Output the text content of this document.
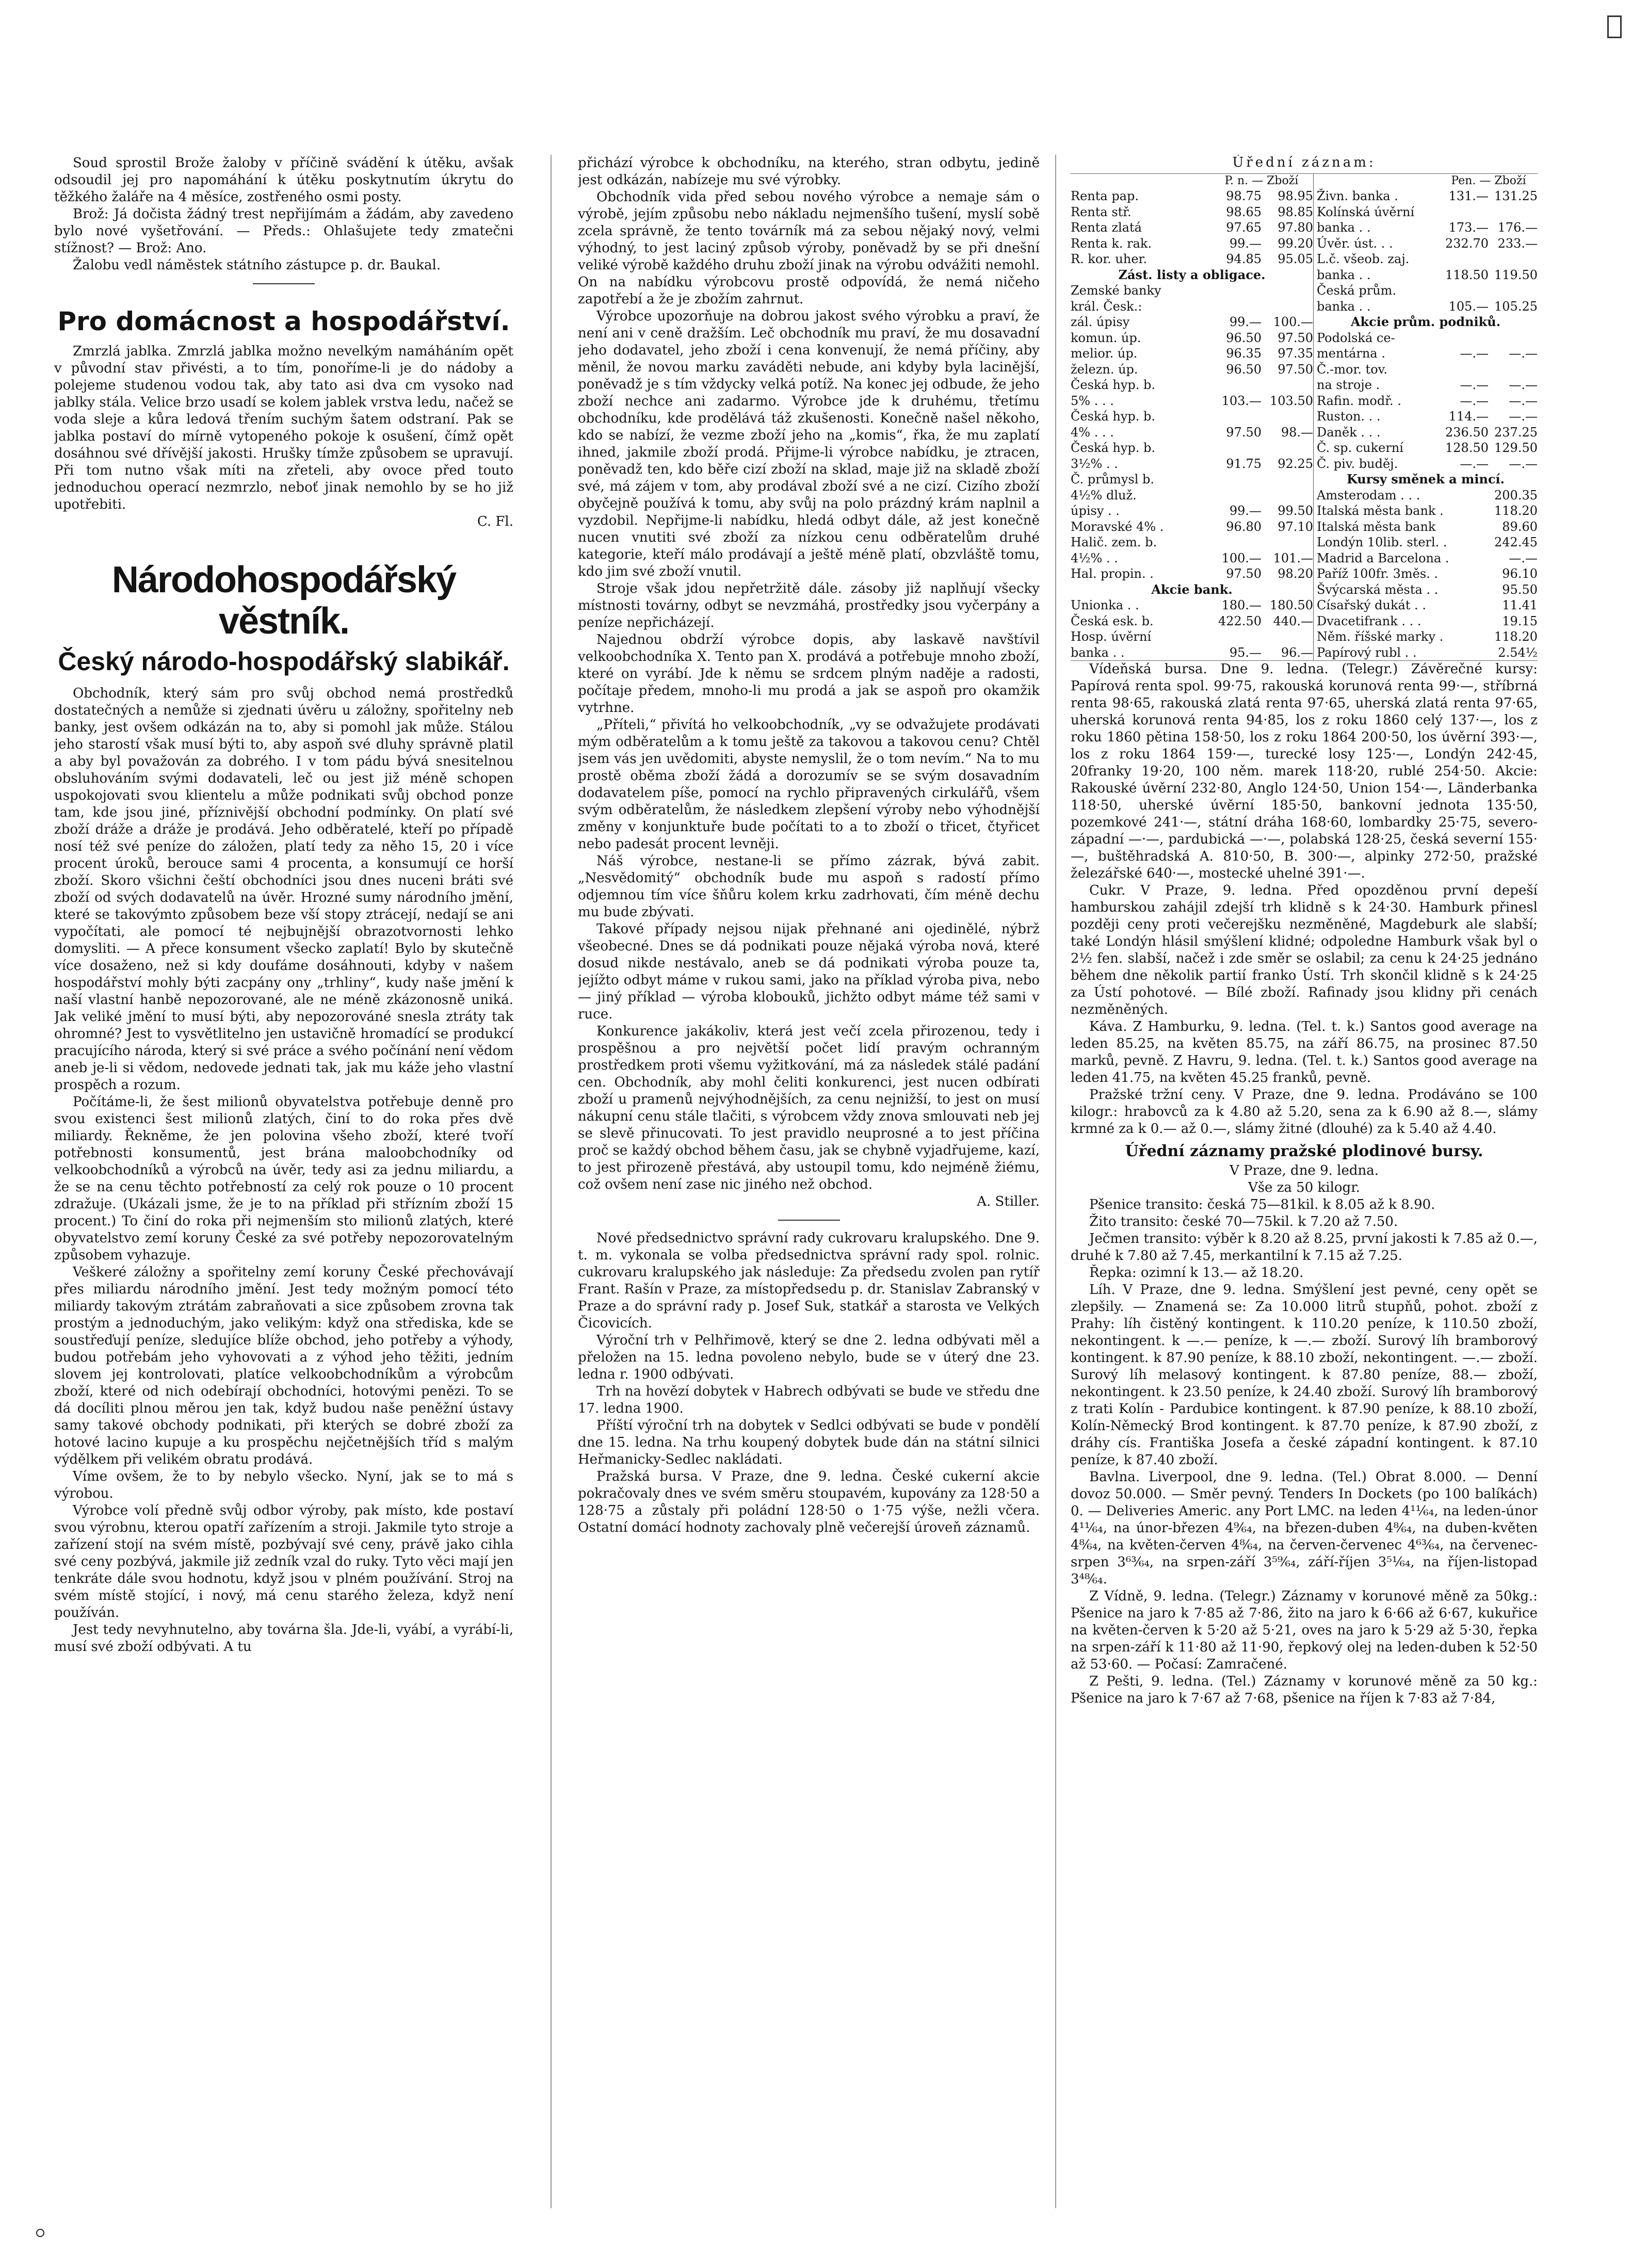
Soud sprostil Brože žaloby v příčině svádění k útěku, avšak odsoudil jej pro napomáhání k útěku poskytnutím úkrytu do těžkého žaláře na 4 měsíce, zostřeného osmi posty.

Brož: Já dočista žádný trest nepřijímám a žádám, aby zavedeno bylo nové vyšetřování. — Předs.: Ohlašujete tedy zmatečni stížnost? — Brož: Ano.

Žalobu vedl náměstek státního zástupce p. dr. Baukal.

Pro domácnost a hospodářství.

Zmrzlá jablka. Zmrzlá jablka možno nevelkým namáháním opět v původní stav přivésti, a to tím, ponoříme-li je do nádoby a polejeme studenou vodou tak, aby tato asi dva cm vysoko nad jablky stála. Velice brzo usadí se kolem jablek vrstva ledu, načež se voda sleje a kůra ledová třením suchým šatem odstraní. Pak se jablka postaví do mírně vytopeného pokoje k osušení, čímž opět dosáhnou své dřívější jakosti. Hrušky tímže způsobem se upravují. Při tom nutno však míti na zřeteli, aby ovoce před touto jednoduchou operací nezmrzlo, neboť jinak nemohlo by se ho již upotřebiti.

C. Fl.
Národohospodářský věstník.
Český národo-hospodářský slabikář.

Obchodník, který sám pro svůj obchod nemá prostředků dostatečných a nemůže si zjednati úvěru u záložny, spořitelny neb banky, jest ovšem odkázán na to, aby si pomohl jak může. Stálou jeho starostí však musí býti to, aby aspoň své dluhy správně platil a aby byl považován za dobrého. I v tom pádu bývá snesitelnou obsluhováním svými dodavateli, leč ou jest již méně schopen uspokojovati svou klientelu a může podnikati svůj obchod ponze tam, kde jsou jiné, příznivější obchodní podmínky. On platí své zboží dráže a dráže je prodává. Jeho odběratelé, kteří po případě nosí též své peníze do záložen, platí tedy za něho 15, 20 i více procent úroků, berouce sami 4 procenta, a konsumují ce horší zboží. Skoro všichni čeští obchodníci jsou dnes nuceni bráti své zboží od svých dodavatelů na úvěr. Hrozné sumy národního jmění, které se takovýmto způsobem beze vší stopy ztrácejí, nedají se ani vypočítati, ale pomocí té nejbujnější obrazotvornosti lehko domysliti. — A přece konsument všecko zaplatí! Bylo by skutečně více dosaženo, než si kdy doufáme dosáhnouti, kdyby v našem hospodářství mohly býti zacpány ony „trhliny“, kudy naše jmění k naší vlastní hanbě nepozorované, ale ne méně zkázonosně uniká. Jak veliké jmění to musí býti, aby nepozorováné snesla ztráty tak ohromné? Jest to vysvětlitelno jen ustavičně hromadící se produkcí pracujícího národa, který si své práce a svého počínání není vědom aneb je-li si vědom, nedovede jednati tak, jak mu káže jeho vlastní prospěch a rozum.

Počítáme-li, že šest milionů obyvatelstva potřebuje denně pro svou existenci šest milionů zlatých, činí to do roka přes dvě miliardy. Řekněme, že jen polovina všeho zboží, které tvoří potřebnosti konsumentů, jest brána maloobchodníky od velkoobchodníků a výrobců na úvěr, tedy asi za jednu miliardu, a že se na cenu těchto potřebností za celý rok pouze o 10 procent zdražuje. (Ukázali jsme, že je to na příklad při střízním zboží 15 procent.) To činí do roka při nejmenším sto milionů zlatých, které obyvatelstvo zemí koruny České za své potřeby nepozorovatelným způsobem vyhazuje.

Veškeré záložny a spořitelny zemí koruny České přechovávají přes miliardu národního jmění. Jest tedy možným pomocí této miliardy takovým ztrátám zabraňovati a sice způsobem zrovna tak prostým a jednoduchým, jako velikým: když ona střediska, kde se soustřeďují peníze, sledujíce blíže obchod, jeho potřeby a výhody, budou potřebám jeho vyhovovati a z výhod jeho těžiti, jedním slovem jej kontrolovati, platíce velkoobchodníkům a výrobcům zboží, které od nich odebírají obchodníci, hotovými penězi. To se dá docíliti plnou měrou jen tak, když budou naše peněžní ústavy samy takové obchody podnikati, při kterých se dobré zboží za hotové lacino kupuje a ku prospěchu nejčetnějších tříd s malým výdělkem při velikém obratu prodává.

Víme ovšem, že to by nebylo všecko. Nyní, jak se to má s výrobou.

Výrobce volí předně svůj odbor výroby, pak místo, kde postaví svou výrobnu, kterou opatří zařízením a stroji. Jakmile tyto stroje a zařízení stojí na svém místě, pozbývají své ceny, právě jako cihla své ceny pozbývá, jakmile již zedník vzal do ruky. Tyto věci mají jen tenkráte dále svou hodnotu, když jsou v plném používání. Stroj na svém místě stojící, i nový, má cenu starého železa, když není používán.

Jest tedy nevyhnutelno, aby továrna šla. Jde-li, vyábí, a vyrábí-li, musí své zboží odbývati. A tu

přichází výrobce k obchodníku, na kterého, stran odbytu, jedině jest odkázán, nabízeje mu své výrobky.

Obchodník vida před sebou nového výrobce a nemaje sám o výrobě, jejím způsobu nebo nákladu nejmenšího tušení, myslí sobě zcela správně, že tento továrník má za sebou nějaký nový, velmi výhodný, to jest laciný způsob výroby, poněvadž by se při dnešní veliké výrobě každého druhu zboží jinak na výrobu odvážiti nemohl. On na nabídku výrobcovu prostě odpovídá, že nemá ničeho zapotřebí a že je zbožím zahrnut.

Výrobce upozorňuje na dobrou jakost svého výrobku a praví, že není ani v ceně dražším. Leč obchodník mu praví, že mu dosavadní jeho dodavatel, jeho zboží i cena konvenují, že nemá příčiny, aby měnil, že novou marku zaváděti nebude, ani kdyby byla lacinější, poněvadž je s tím vždycky velká potíž. Na konec jej odbude, že jeho zboží nechce ani zadarmo. Výrobce jde k druhému, třetímu obchodníku, kde prodělává táž zkušenosti. Konečně našel někoho, kdo se nabízí, že vezme zboží jeho na „komis“, řka, že mu zaplatí ihned, jakmile zboží prodá. Přijme-li výrobce nabídku, je ztracen, poněvadž ten, kdo běře cizí zboží na sklad, maje již na skladě zboží své, má zájem v tom, aby prodával zboží své a ne cizí. Cizího zboží obyčejně používá k tomu, aby svůj na polo prázdný krám naplnil a vyzdobil. Nepřijme-li nabídku, hledá odbyt dále, až jest konečně nucen vnutiti své zboží za nízkou cenu odběratelům druhé kategorie, kteří málo prodávají a ještě méně platí, obzvláště tomu, kdo jim své zboží vnutil.

Stroje však jdou nepřetržitě dále. zásoby již naplňují všecky místnosti továrny, odbyt se nevzmáhá, prostředky jsou vyčerpány a peníze nepřicházejí.

Najednou obdrží výrobce dopis, aby laskavě navštívil velkoobchodníka X. Tento pan X. prodává a potřebuje mnoho zboží, které on vyrábí. Jde k němu se srdcem plným naděje a radosti, počítaje předem, mnoho-li mu prodá a jak se aspoň pro okamžik vytrhne.

„Příteli,“ přivítá ho velkoobchodník, „vy se odvažujete prodávati mým odběratelům a k tomu ještě za takovou a takovou cenu? Chtěl jsem vás jen uvědomiti, abyste nemyslil, že o tom nevím.“ Na to mu prostě oběma zboží žádá a dorozumív se se svým dosavadním dodavatelem píše, pomocí na rychlo připravených cirkulářů, všem svým odběratelům, že následkem zlepšení výroby nebo výhodnější změny v konjunktuře bude počítati to a to zboží o třicet, čtyřicet nebo padesát procent levněji.

Náš výrobce, nestane-li se přímo zázrak, bývá zabit. „Nesvědomitý“ obchodník bude mu aspoň s radostí přímo odjemnou tím více šňůru kolem krku zadrhovati, čím méně dechu mu bude zbývati.

Takové případy nejsou nijak přehnané ani ojedinělé, nýbrž všeobecné. Dnes se dá podnikati pouze nějaká výroba nová, které dosud nikde nestávalo, aneb se dá podnikati výroba pouze ta, jejížto odbyt máme v rukou sami, jako na příklad výroba piva, nebo — jiný příklad — výroba klobouků, jichžto odbyt máme též sami v ruce.

Konkurence jakákoliv, která jest večí zcela přirozenou, tedy i prospěšnou a pro největší počet lidí pravým ochranným prostředkem proti všemu vyžitkování, má za následek stálé padání cen. Obchodník, aby mohl čeliti konkurenci, jest nucen odbírati zboží u pramenů nejvýhodnějších, za cenu nejnižší, to jest on musí nákupní cenu stále tlačiti, s výrobcem vždy znova smlouvati neb jej se slevě přinucovati. To jest pravidlo neuprosné a to jest příčina proč se každý obchod během času, jak se chybně vyjadřujeme, kazí, to jest přirozeně přestává, aby ustoupil tomu, kdo nejméně žiému, což ovšem není zase nic jiného než obchod.

A. Stiller.

Nové předsednictvo správní rady cukrovaru kralupského. Dne 9. t. m. vykonala se volba předsednictva správní rady spol. rolnic. cukrovaru kralupského jak následuje: Za předsedu zvolen pan rytíř Frant. Rašín v Praze, za místopředsedu p. dr. Stanislav Zabranský v Praze a do správní rady p. Josef Suk, statkář a starosta ve Velkých Čicovicích.

Výroční trh v Pelhřimově, který se dne 2. ledna odbývati měl a přeložen na 15. ledna povoleno nebylo, bude se v úterý dne 23. ledna r. 1900 odbývati.

Trh na hovězí dobytek v Habrech odbývati se bude ve středu dne 17. ledna 1900.

Příští výroční trh na dobytek v Sedlci odbývati se bude v pondělí dne 15. ledna. Na trhu koupený dobytek bude dán na státní silnici Heřmanicky-Sedlec nakládati.

Pražská bursa. V Praze, dne 9. ledna. České cukerní akcie pokračovaly dnes ve svém směru stoupavém, kupovány za 128·50 a 128·75 a zůstaly při poládní 128·50 o 1·75 výše, nežli včera. Ostatní domácí hodnoty zachovaly plně večerejší úroveň záznamů.

Úřední záznam:
P. n. — Zboží
Renta pap.	98.75	98.95
Renta stř.	98.65	98.85
Renta zlatá	97.65	97.80
Renta k. rak.	99.—	99.20
R. kor. uher.	94.85	95.05
Zást. listy a obligace.
Zemské banky
král. Česk.:
zál. úpisy	99.— 100.—
komun. úp.	96.50	97.50
melior. úp.	96.35	97.35
železn. úp.	96.50	97.50
Česká hyp. b.
5% . . .	103.— 103.50
Česká hyp. b.
4% . . .	97.50	98.—
Česká hyp. b.
3½% . .	91.75	92.25
Č. průmysl b.
4½% dluž.
úpisy . .	99.—	99.50
Moravské 4% .	96.80	97.10
Halič. zem. b.
4½% . .	100.— 101.—
Hal. propin. .	97.50	98.20
Akcie bank.
Unionka . .	180.— 180.50
Česká esk. b.	422.50 440.—
Hosp. úvěrní
banka . .	95.—	96.—
Pen. — Zboží
Živn. banka .	131.— 131.25
Kolínská úvěrní
banka . .	173.— 176.—
Úvěr. úst. . .	232.70 233.—
L.č. všeob. zaj.
banka . .	118.50 119.50
Česká prům.
banka . .	105.— 105.25
Akcie prům. podniků.
Podolská ce-
mentárna .	—.—	—.—
Č.-mor. tov.
na stroje .	—.—	—.—
Rafin. modř. .	—.—	—.—
Ruston. . .	114.—	—.—
Daněk . . .	236.50 237.25
Č. sp. cukerní	128.50 129.50
Č. piv. buděj.	—.—	—.—
Kursy směnek a mincí.
Amsterodam . . .	200.35
Italská města bank .	118.20
Italská města bank	89.60
Londýn 10lib. sterl. .	242.45
Madrid a Barcelona .	—.—
Paříž 100fr. 3měs. .	96.10
Švýcarská města . .	95.50
Císařský dukát . .	11.41
Dvacetifrank . . .	19.15
Něm. říšské marky .	118.20
Papírový rubl . .	2.54½

Vídeňská bursa. Dne 9. ledna. (Telegr.) Závěrečné kursy: Papírová renta spol. 99·75, rakouská korunová renta 99·—, stříbrná renta 98·65, rakouská zlatá renta 97·65, uherská zlatá renta 97·65, uherská korunová renta 94·85, los z roku 1860 celý 137·—, los z roku 1860 pětina 158·50, los z roku 1864 200·50, los úvěrní 393·—, los z roku 1864 159·—, turecké losy 125·—, Londýn 242·45, 20franky 19·20, 100 něm. marek 118·20, rublé 254·50. Akcie: Rakouské úvěrní 232·80, Anglo 124·50, Union 154·—, Länderbanka 118·50, uherské úvěrní 185·50, bankovní jednota 135·50, pozemkové 241·—, státní dráha 168·60, lombardky 25·75, severo-západní —·—, pardubická —·—, polabská 128·25, česká severní 155·—, buštěhradská A. 810·50, B. 300·—, alpinky 272·50, pražské železářské 640·—, mostecké uhelné 391·—.

Cukr. V Praze, 9. ledna. Před opozděnou první depeší hamburskou zahájil zdejší trh klidně s k 24·30. Hamburk přinesl později ceny proti večerejšku nezměněné, Magdeburk ale slabší; také Londýn hlásil smýšlení klidné; odpoledne Hamburk však byl o 2½ fen. slabší, načež i zde směr se oslabil; za cenu k 24·25 jednáno během dne několik partií franko Ústí. Trh skončil klidně s k 24·25 za Ústí pohotové. — Bílé zboží. Rafinady jsou klidny při cenách nezměněných.

Káva. Z Hamburku, 9. ledna. (Tel. t. k.) Santos good average na leden 85.25, na květen 85.75, na září 86.75, na prosinec 87.50 marků, pevně. Z Havru, 9. ledna. (Tel. t. k.) Santos good average na leden 41.75, na květen 45.25 franků, pevně.

Pražské tržní ceny. V Praze, dne 9. ledna. Prodáváno se 100 kilogr.: hrabovců za k 4.80 až 5.20, sena za k 6.90 až 8.—, slámy krmné za k 0.— až 0.—, slámy žitné (dlouhé) za k 5.40 až 4.40.

Úřední záznamy pražské plodinové bursy.

V Praze, dne 9. ledna.

Vše za 50 kilogr.

Pšenice transito: česká 75—81kil. k 8.05 až k 8.90.

Žito transito: české 70—75kil. k 7.20 až 7.50.

Ječmen transito: výběr k 8.20 až 8.25, první jakosti k 7.85 až 0.—, druhé k 7.80 až 7.45, merkantilní k 7.15 až 7.25.

Řepka: ozimní k 13.— až 18.20.

Líh. V Praze, dne 9. ledna. Smýšlení jest pevné, ceny opět se zlepšily. — Znamená se: Za 10.000 litrů stupňů, pohot. zboží z Prahy: líh čistěný kontingent. k 110.20 peníze, k 110.50 zboží, nekontingent. k —.— peníze, k —.— zboží. Surový líh bramborový kontingent. k 87.90 peníze, k 88.10 zboží, nekontingent. —.— zboží. Surový líh melasový kontingent. k 87.80 peníze, 88.— zboží, nekontingent. k 23.50 peníze, k 24.40 zboží. Surový líh bramborový z trati Kolín - Pardubice kontingent. k 87.90 peníze, k 88.10 zboží, Kolín-Německý Brod kontingent. k 87.70 peníze, k 87.90 zboží, z dráhy cís. Františka Josefa a české západní kontingent. k 87.10 peníze, k 87.40 zboží.

Bavlna. Liverpool, dne 9. ledna. (Tel.) Obrat 8.000. — Denní dovoz 50.000. — Směr pevný. Tenders In Dockets (po 100 balíkách) 0. — Deliveries Americ. any Port LMC. na leden 4¹¹⁄₆₄, na leden-únor 4¹¹⁄₆₄, na únor-březen 4⁹⁄₆₄, na březen-duben 4⁸⁄₆₄, na duben-květen 4⁸⁄₆₄, na květen-červen 4⁸⁄₆₄, na červen-červenec 4⁶³⁄₆₄, na červenec-srpen 3⁶³⁄₆₄, na srpen-září 3⁵⁹⁄₆₄, září-říjen 3⁵¹⁄₆₄, na říjen-listopad 3⁴⁸⁄₆₄.

Z Vídně, 9. ledna. (Telegr.) Záznamy v korunové měně za 50kg.: Pšenice na jaro k 7·85 až 7·86, žito na jaro k 6·66 až 6·67, kukuřice na květen-červen k 5·20 až 5·21, oves na jaro k 5·29 až 5·30, řepka na srpen-září k 11·80 až 11·90, řepkový olej na leden-duben k 52·50 až 53·60. — Počasí: Zamračené.

Z Pešti, 9. ledna. (Tel.) Záznamy v korunové měně za 50 kg.: Pšenice na jaro k 7·67 až 7·68, pšenice na říjen k 7·83 až 7·84,
